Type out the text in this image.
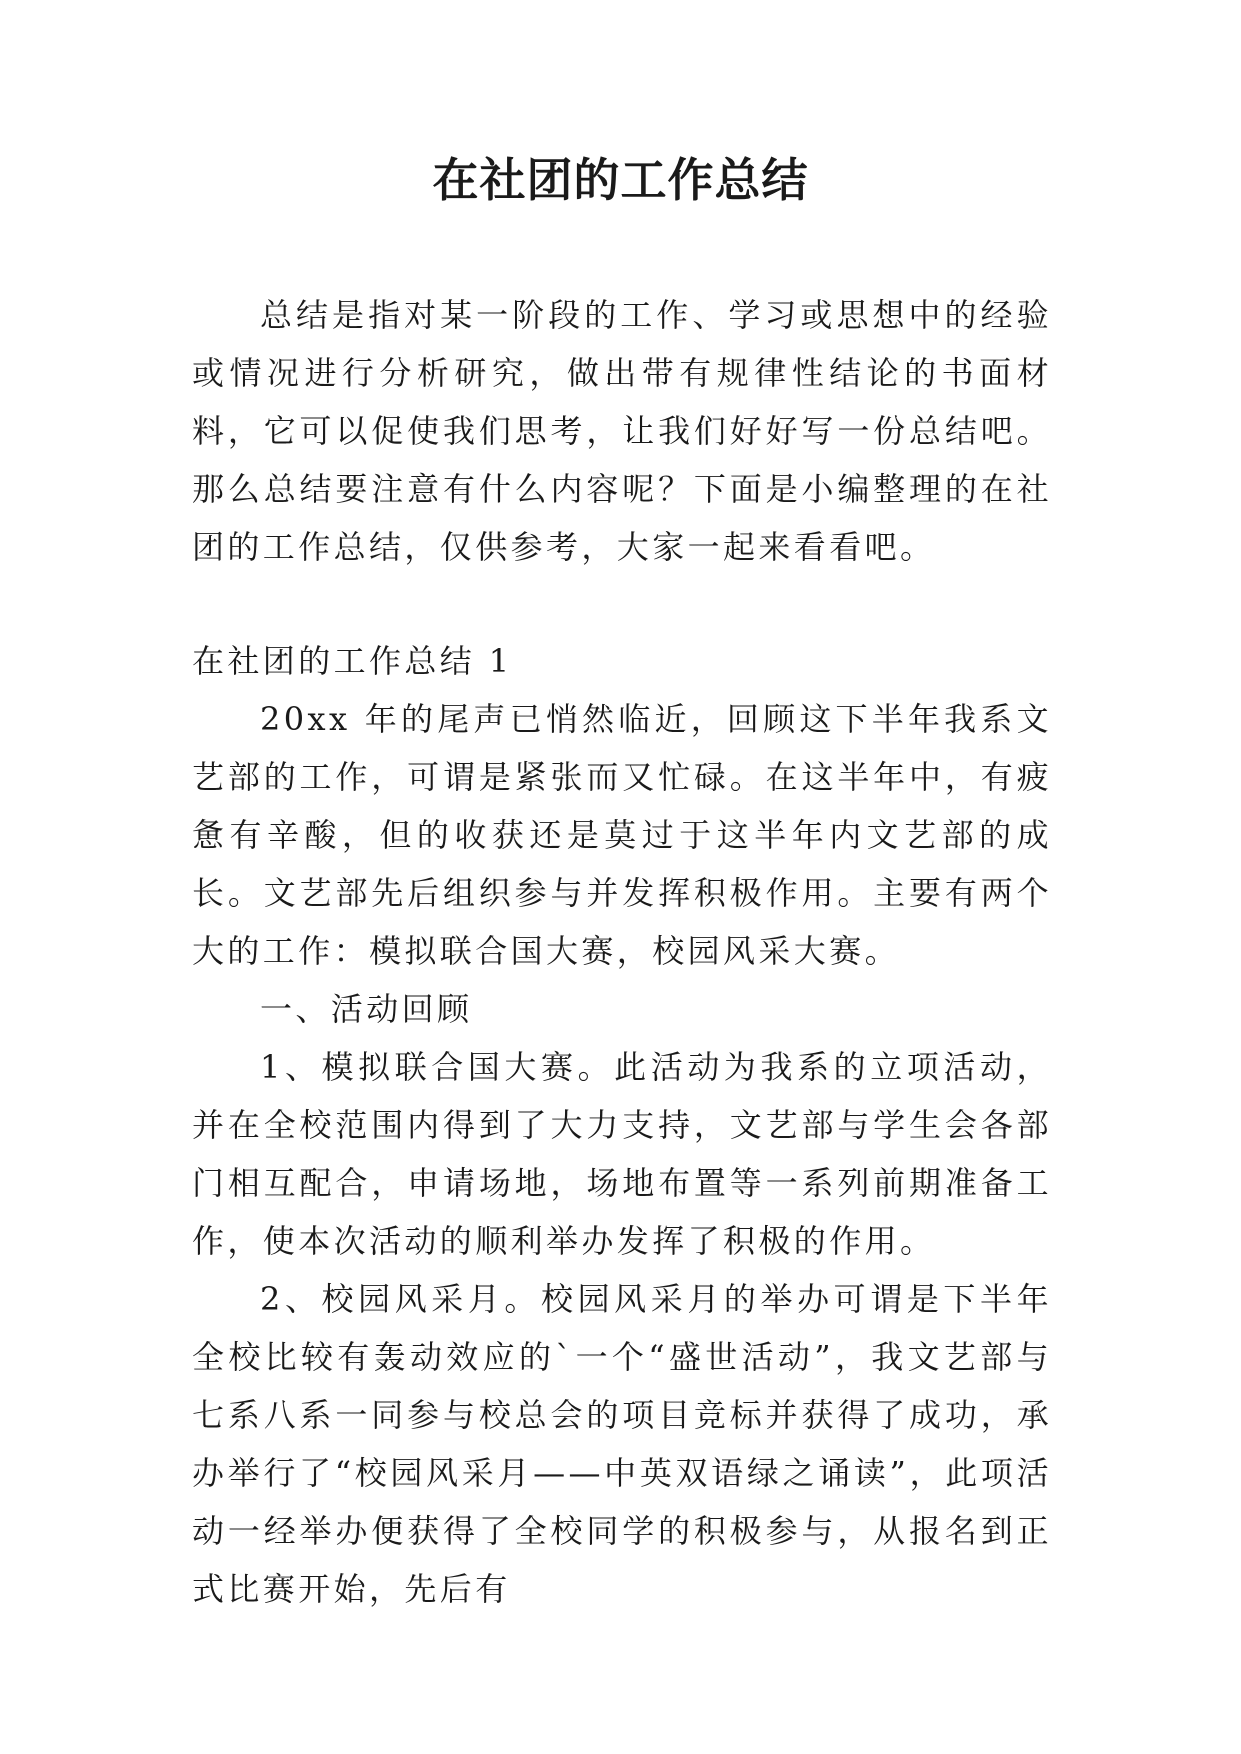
在社团的工作总结

总结是指对某一阶段的工作、学习或思想中的经验或情况进行分析研究，做出带有规律性结论的书面材料，它可以促使我们思考，让我们好好写一份总结吧。那么总结要注意有什么内容呢？下面是小编整理的在社团的工作总结，仅供参考，大家一起来看看吧。

在社团的工作总结 1

20xx 年的尾声已悄然临近，回顾这下半年我系文艺部的工作，可谓是紧张而又忙碌。在这半年中，有疲惫有辛酸，但的收获还是莫过于这半年内文艺部的成长。文艺部先后组织参与并发挥积极作用。主要有两个大的工作：模拟联合国大赛，校园风采大赛。

一、活动回顾

1、模拟联合国大赛。此活动为我系的立项活动，并在全校范围内得到了大力支持，文艺部与学生会各部门相互配合，申请场地，场地布置等一系列前期准备工作，使本次活动的顺利举办发挥了积极的作用。

2、校园风采月。校园风采月的举办可谓是下半年全校比较有轰动效应的`一个“盛世活动”，我文艺部与七系八系一同参与校总会的项目竞标并获得了成功，承办举行了“校园风采月——中英双语绿之诵读”，此项活动一经举办便获得了全校同学的积极参与，从报名到正式比赛开始，先后有
